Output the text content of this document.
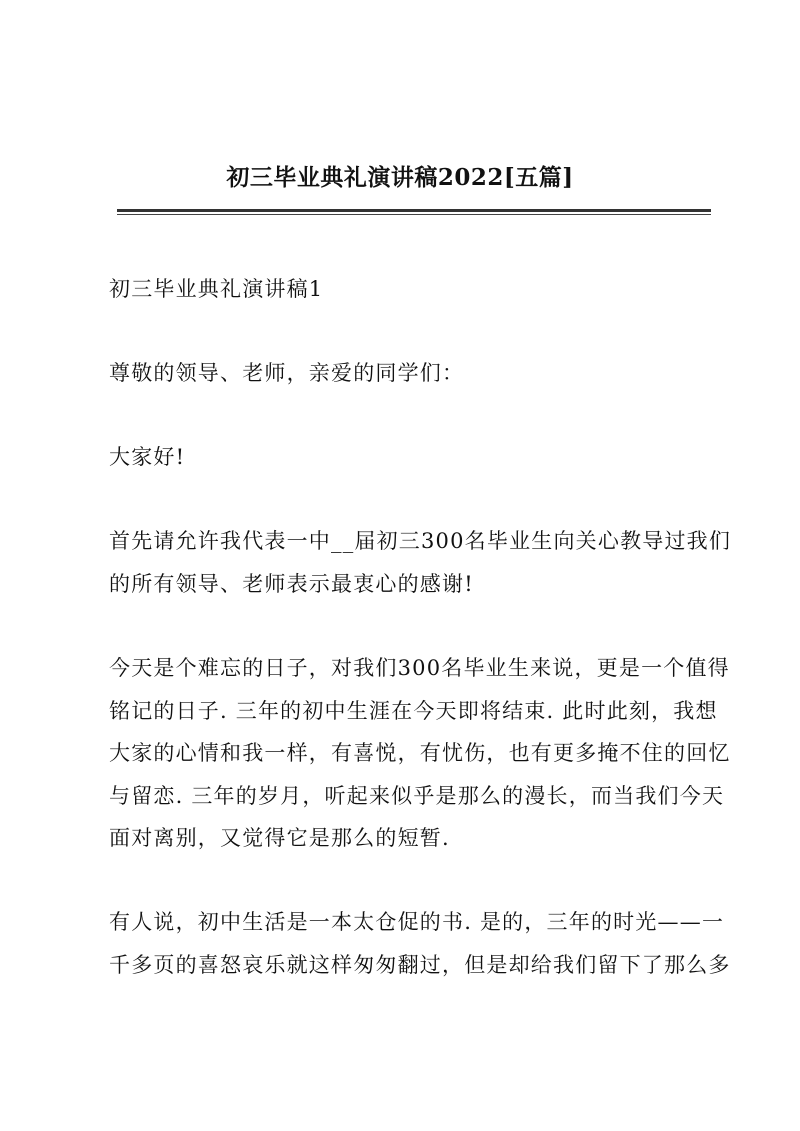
初三毕业典礼演讲稿2022[五篇]

初三毕业典礼演讲稿1

尊敬的领导、老师，亲爱的同学们：

大家好!

首先请允许我代表一中__届初三300名毕业生向关心教导过我们
的所有领导、老师表示最衷心的感谢!

今天是个难忘的日子，对我们300名毕业生来说，更是一个值得
铭记的日子. 三年的初中生涯在今天即将结束. 此时此刻，我想
大家的心情和我一样，有喜悦，有忧伤，也有更多掩不住的回忆
与留恋. 三年的岁月，听起来似乎是那么的漫长，而当我们今天
面对离别，又觉得它是那么的短暂.

有人说，初中生活是一本太仓促的书. 是的，三年的时光——一
千多页的喜怒哀乐就这样匆匆翻过，但是却给我们留下了那么多
